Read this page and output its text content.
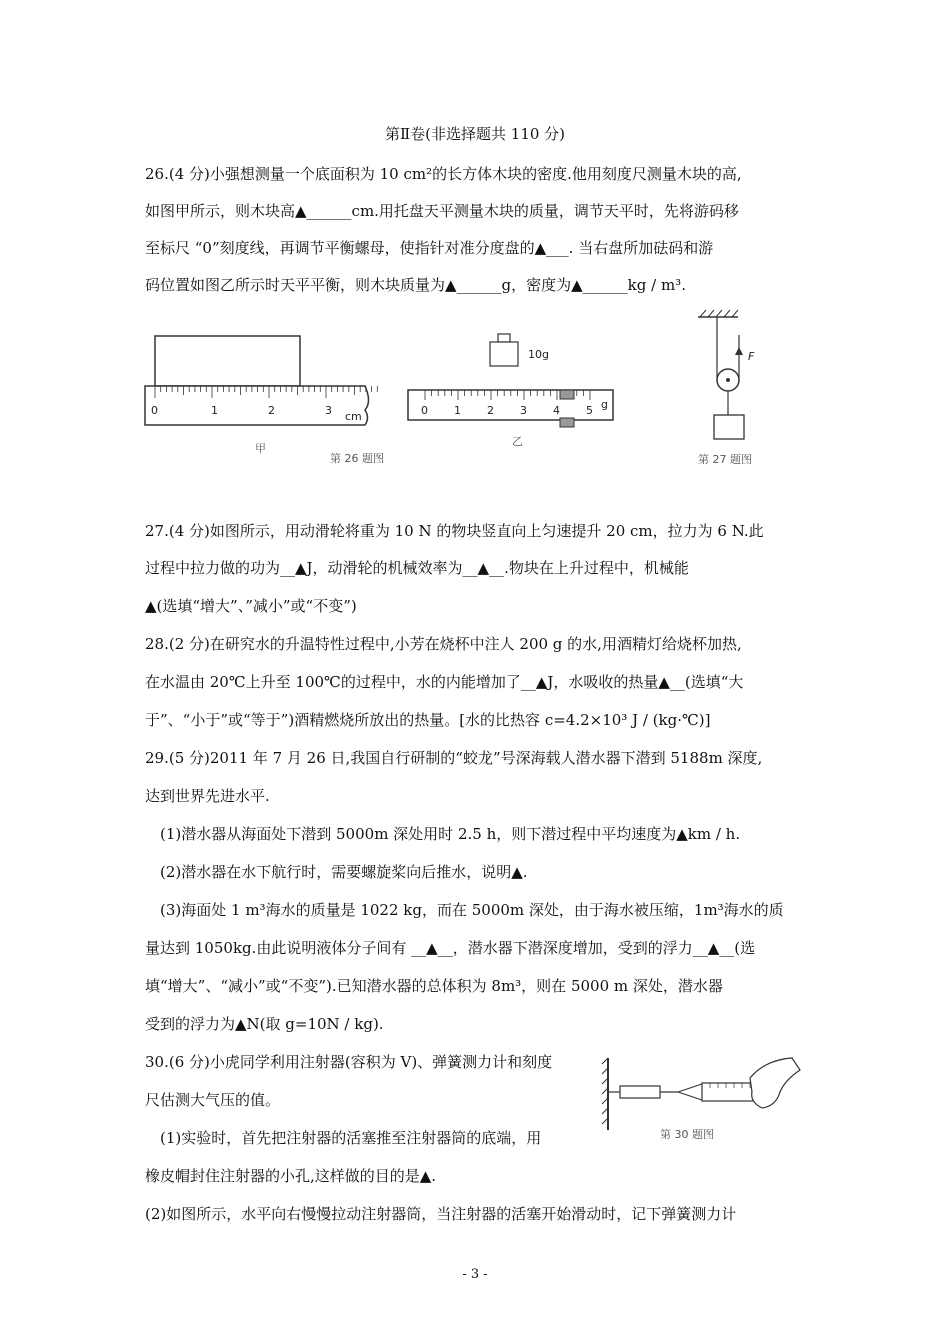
第Ⅱ卷(非选择题共 110 分)
26.(4 分)小强想测量一个底面积为 10 cm²的长方体木块的密度.他用刻度尺测量木块的高,
如图甲所示，则木块高▲______cm.用托盘天平测量木块的质量，调节天平时，先将游码移
至标尺 “0”刻度线，再调节平衡螺母，使指针对准分度盘的▲___. 当右盘所加砝码和游
码位置如图乙所示时天平平衡，则木块质量为▲______g，密度为▲______kg / m³.
0	1	2	3 cm
甲
10g
0 1 2 3 4 5 g
乙
第 26 题图
F
第 27 题图
27.(4 分)如图所示，用动滑轮将重为 10 N 的物块竖直向上匀速提升 20 cm，拉力为 6 N.此
过程中拉力做的功为__▲J，动滑轮的机械效率为__▲__.物块在上升过程中，机械能
▲(选填“增大”、”减小”或“不变”)
28.(2 分)在研究水的升温特性过程中,小芳在烧杯中注人 200 g 的水,用酒精灯给烧杯加热,
在水温由 20℃上升至 100℃的过程中，水的内能增加了__▲J，水吸收的热量▲__(选填“大
于”、“小于”或“等于”)酒精燃烧所放出的热量。[水的比热容 c=4.2×10³ J / (kg·℃)]
29.(5 分)2011 年 7 月 26 日,我国自行研制的“蛟龙”号深海载人潜水器下潜到 5188m 深度,
达到世界先进水平.
(1)潜水器从海面处下潜到 5000m 深处用时 2.5 h，则下潜过程中平均速度为▲km / h.
(2)潜水器在水下航行时，需要螺旋桨向后推水，说明▲.
(3)海面处 1 m³海水的质量是 1022 kg，而在 5000m 深处，由于海水被压缩，1m³海水的质
量达到 1050kg.由此说明液体分子间有 __▲__，潜水器下潜深度增加，受到的浮力__▲__(选
填“增大”、“减小”或“不变”).已知潜水器的总体积为 8m³，则在 5000 m 深处，潜水器
受到的浮力为▲N(取 g=10N / kg).
30.(6 分)小虎同学利用注射器(容积为 V)、弹簧测力计和刻度
尺估测大气压的值。
(1)实验时，首先把注射器的活塞推至注射器筒的底端，用
橡皮帽封住注射器的小孔,这样做的目的是▲.
(2)如图所示，水平向右慢慢拉动注射器筒，当注射器的活塞开始滑动时，记下弹簧测力计
第 30 题图
- 3 -
